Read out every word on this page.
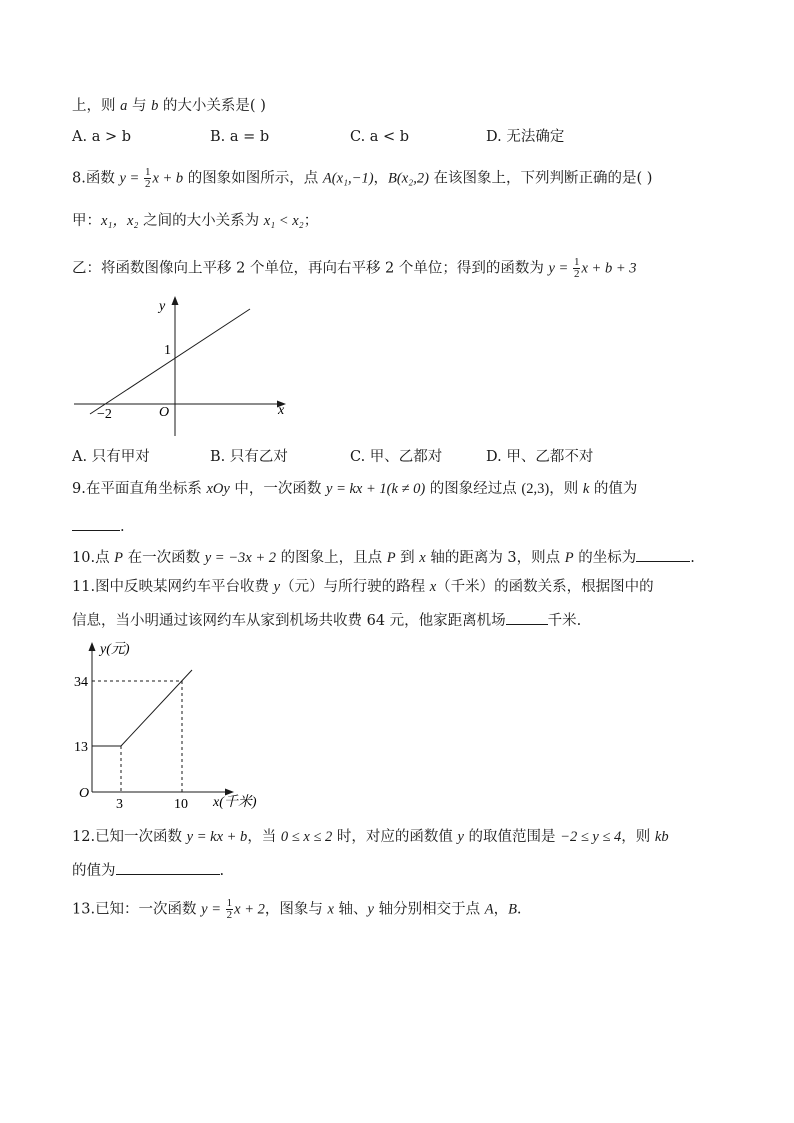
上，则 a 与 b 的大小关系是( )
A. a > b	B. a = b	C. a < b	D. 无法确定
8.函数 $y = \frac{1}{2}$ x + b 的图象如图所示，点 A(x₁,−1)，B(x₂,2) 在该图象上，下列判断正确的是( )
甲：x₁，x₂ 之间的大小关系为 x₁ < x₂；
乙：将函数图像向上平移 2 个单位，再向右平移 2 个单位；得到的函数为 $y = \frac{1}{2}$ x + b + 3
y
x
O
1
−2
A. 只有甲对	B. 只有乙对	C. 甲、乙都对	D. 甲、乙都不对
9.在平面直角坐标系 xOy 中，一次函数 y = kx + 1(k ≠ 0) 的图象经过点 (2,3)，则 k 的值为
.
10.点 P 在一次函数 y = −3x + 2 的图象上，且点 P 到 x 轴的距离为 3，则点 P 的坐标为	.
11.图中反映某网约车平台收费 y（元）与所行驶的路程 x（千米）的函数关系，根据图中的
信息，当小明通过该网约车从家到机场共收费 64 元，他家距离机场	千米.
y(元)
x(千米)
O
34
13
3	10
12.已知一次函数 y = kx + b，当 0 ≤ x ≤ 2 时，对应的函数值 y 的取值范围是 −2 ≤ y ≤ 4，则 kb
的值为	.
13.已知：一次函数 $y = \frac{1}{2}$ x + 2，图象与 x 轴、y 轴分别相交于点 A，B.
